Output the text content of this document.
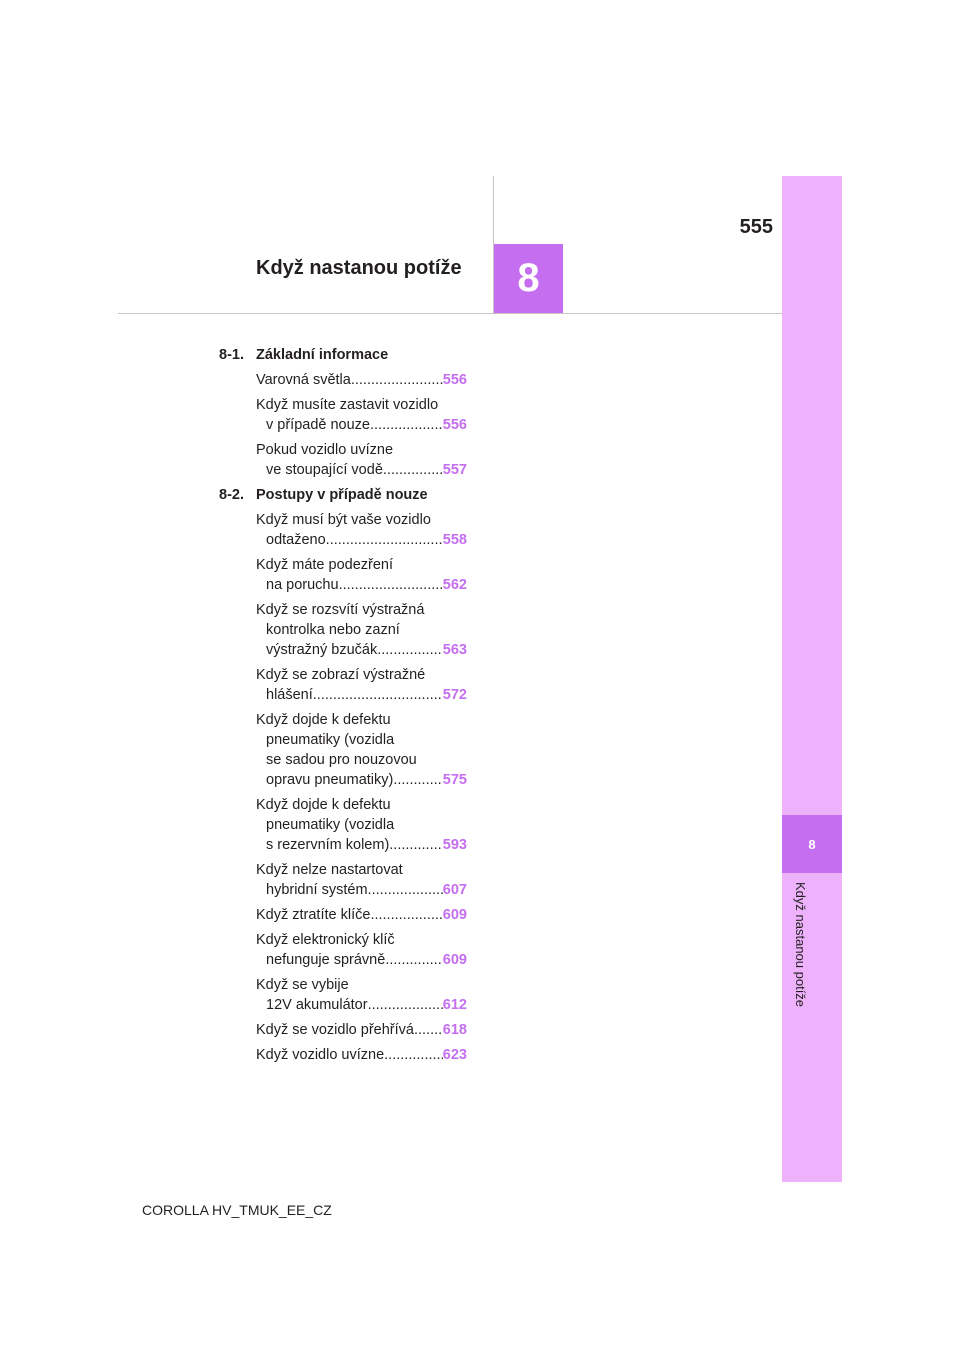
8
Když nastanou potíže
555
Když nastanou potíže	8
8-1. Základní informace
Varovná světla .....	556
Když musíte zastavit vozidlo
v případě nouze .....	556
Pokud vozidlo uvízne
ve stoupající vodě .....	557
8-2. Postupy v případě nouze
Když musí být vaše vozidlo
odtaženo .....	558
Když máte podezření
na poruchu .....	562
Když se rozsvítí výstražná
kontrolka nebo zazní
výstražný bzučák .....	563
Když se zobrazí výstražné
hlášení .....	572
Když dojde k defektu
pneumatiky (vozidla
se sadou pro nouzovou
opravu pneumatiky) .....	575
Když dojde k defektu
pneumatiky (vozidla
s rezervním kolem) .....	593
Když nelze nastartovat
hybridní systém .....	607
Když ztratíte klíče .....	609
Když elektronický klíč
nefunguje správně .....	609
Když se vybije
12V akumulátor .....	612
Když se vozidlo přehřívá ..... 618
Když vozidlo uvízne .....	623
COROLLA HV_TMUK_EE_CZ
